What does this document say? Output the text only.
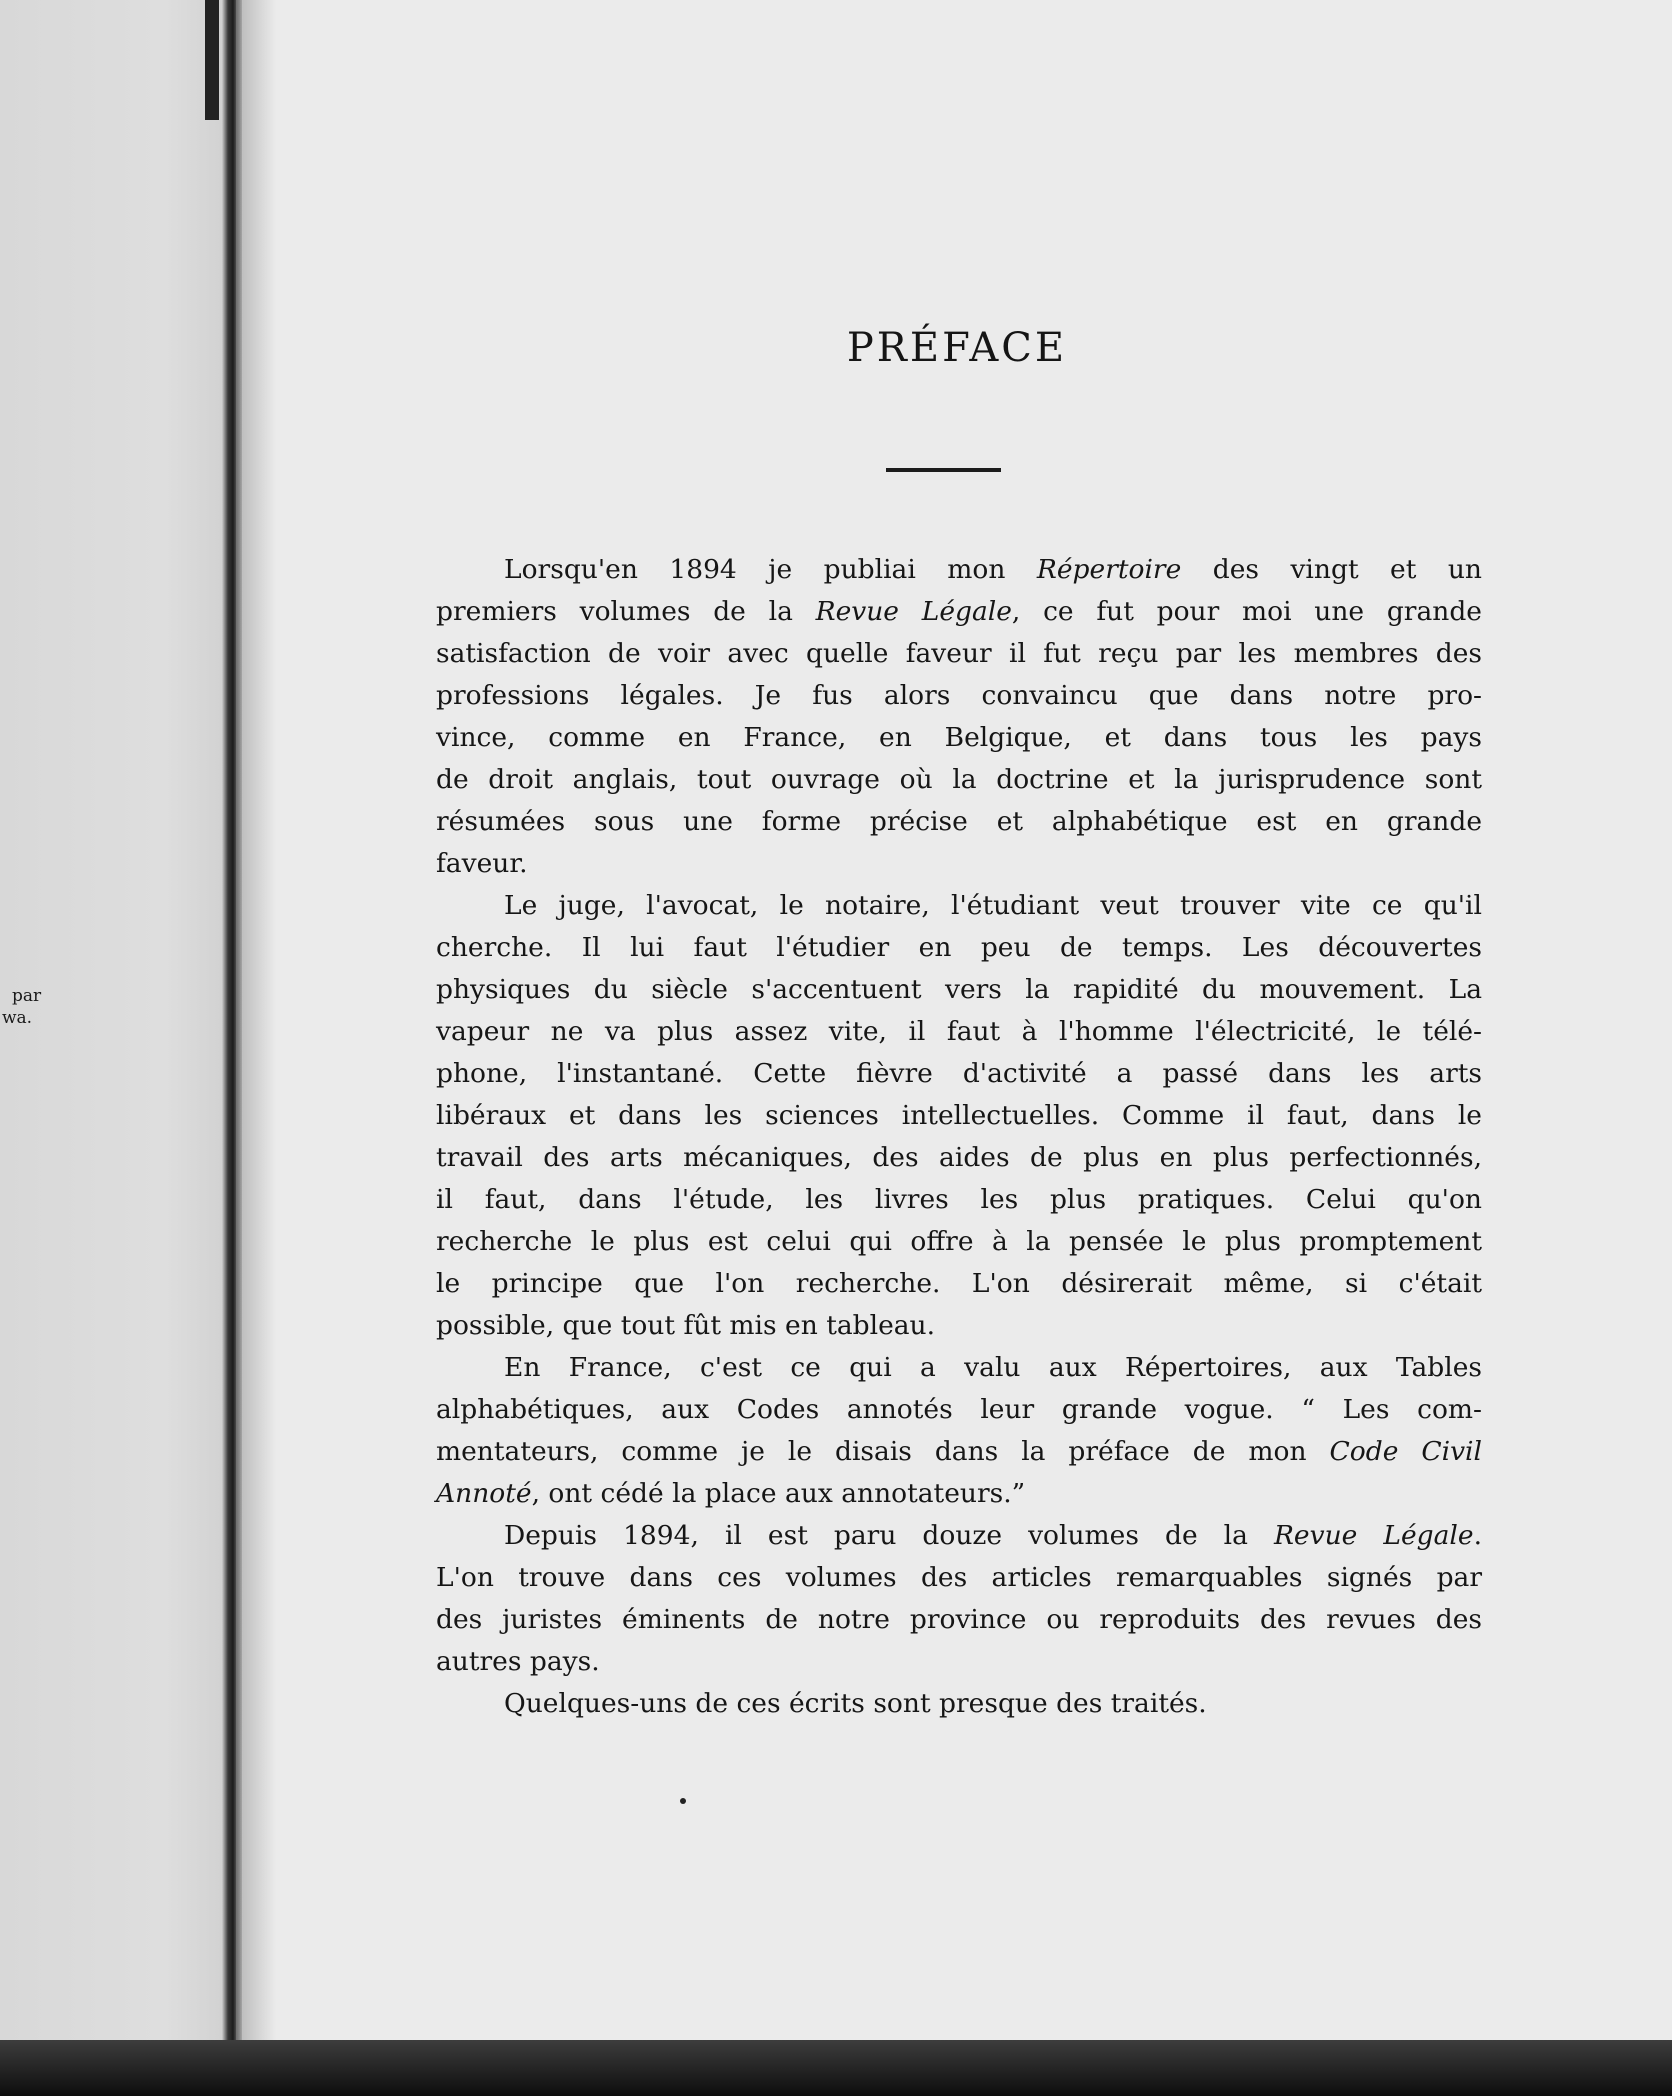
par
wa.
PRÉFACE
Lorsqu'en 1894 je publiai mon Répertoire des vingt et un
premiers volumes de la Revue Légale, ce fut pour moi une grande
satisfaction de voir avec quelle faveur il fut reçu par les membres des
professions légales. Je fus alors convaincu que dans notre pro-
vince, comme en France, en Belgique, et dans tous les pays
de droit anglais, tout ouvrage où la doctrine et la jurisprudence sont
résumées sous une forme précise et alphabétique est en grande
faveur.
Le juge, l'avocat, le notaire, l'étudiant veut trouver vite ce qu'il
cherche. Il lui faut l'étudier en peu de temps. Les découvertes
physiques du siècle s'accentuent vers la rapidité du mouvement. La
vapeur ne va plus assez vite, il faut à l'homme l'électricité, le télé-
phone, l'instantané. Cette fièvre d'activité a passé dans les arts
libéraux et dans les sciences intellectuelles. Comme il faut, dans le
travail des arts mécaniques, des aides de plus en plus perfectionnés,
il faut, dans l'étude, les livres les plus pratiques. Celui qu'on
recherche le plus est celui qui offre à la pensée le plus promptement
le principe que l'on recherche. L'on désirerait même, si c'était
possible, que tout fût mis en tableau.
En France, c'est ce qui a valu aux Répertoires, aux Tables
alphabétiques, aux Codes annotés leur grande vogue. “ Les com-
mentateurs, comme je le disais dans la préface de mon Code Civil
Annoté, ont cédé la place aux annotateurs.”
Depuis 1894, il est paru douze volumes de la Revue Légale.
L'on trouve dans ces volumes des articles remarquables signés par
des juristes éminents de notre province ou reproduits des revues des
autres pays.
Quelques-uns de ces écrits sont presque des traités.
